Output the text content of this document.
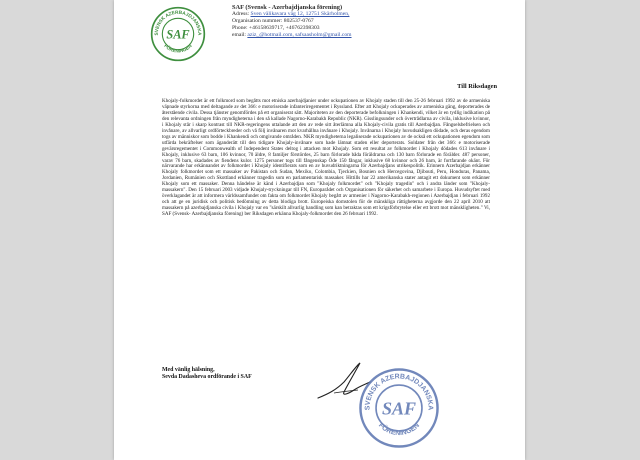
SVENSK AZERBAJDJANSKA
FÖRENINGEN
SAF
SAF (Svensk - Azerbajdjanska förening)
Adress: Sven välikavara väg 12, 12751 Skärholmen,
Organisation nummer: 802537-0767
Phone: +46158639717, +46762398303
email: aziz_@hotmail.com, safsaasholm@gmail.com
Till Riksdagen
Khojaly-folkmordet är ett folkmord som begåtts mot etniska azerbajdjanier under ockupationen av Khojaly staden till den 25-26 februari 1992 av de armeniska väpnade styrkorna med deltagande av det 366: e motoriserade infanteriregementet i Ryssland. Efter att Khojaly ockuperades av armeniska gäng, deporterades de återstående civila. Dessa tjänster genomfördes på ett organiserat sätt. Majoriteten av den deporterade befolkningen i Khankendi, vilket är en tydlig indikation på den relevanta ordningen från myndigheterna i den så kallade Nagorno-Karabakh Republic (NKR). Gisslingsunder och övertrådlarna av civila, inklusive kvinnor, i Khojaly står i skarp kontrast till NKR-regeringens uttalande att den av rede sitt återlämna alla Khojaly-civila gratis till Azerbajdjan. Fångselsbefrielsen och invånare, av allvarligt ordförteckbreder och vå följ invånaren mot kvarhållna invånare i Khojaly. Invånarna i Khojaly huvudsakligen dödade, och deras egendom togs av människor som bodde i Khankendi och omgivande områden. NKR myndigheterna legaliserade ockupationen av de också ett ockupationen egendom som utfärda bekräftelser som äganderätt till den tidigare Khojaly-invånare som hade lämnat staden eller deporterats. Soldater från det 366: e motoriserade gevärsregementet i Commonwealth of Independent States deltog i attacken mot Khojaly. Som ett resultat av folkmordet i Khojaly dödades 613 invånare i Khojaly, inklusive 63 barn, 106 kvinnor, 70 äldre, 8 familjer förstördes, 25 barn förlorade båda föräldrarna och 130 barn förlorade en förälder. 487 personer, varav 76 barn, skadades av fiendens kulor. 1275 personer togs till fångenskap Öde 150 fångar, inklusive 68 kvinnor och 26 barn, är fortfarande okänt. För närvarande har erkännandet av folkmordet i Khojaly identifierats som en av huvudriktningarna för Azerbajdjans utrikespolitik. Erinnern Azerbajdjan erkänner Khojaly folkmordet som ett massaker av Pakistan och Sudan, Mexiko, Colombia, Tjeckien, Bosnien och Hercegovina, Djibouti, Peru, Honduras, Panama, Jordanien, Rumänien och Skottland erkänner tragedin som en parlamentarisk massaker. Hittills har 22 amerikanska stater antagit ett dokument som erkänner Khojaly som ett massaker. Denna händelse är känd i Azerbajdjan som "Khojaly folkmordet" och "Khojaly tragedin" och i andra länder som "Khojaly-massakern". Den 15 februari 2003 vidjade Khojaly-tryckningar till FN, Europarådet och Organisationen för säkerhet och samarbete i Europa. Huvudsyftet med överklagandet är att informera världssamfundet om fakta om folkmordet Khojaly begått av armenier i Nagorno-Karabakh-regionen i Azerbajdjan i februari 1992 och att ge en juridisk och politisk bedömning av detta blodiga brott. Europeiska domstolen för de mänskliga rättigheterna avgjorde den 22 april 2010 att massakern på azerbajdjanska civila i Khojaly var en "särskilt allvarlig handling som kan betraktas som ett krigsförbrytelse eller ett brott mot mänskligheten." Vi, SAF (Svensk- Azerbajdjanska förening) ber Riksdagen erkänna Khojaly-folkmordet den 26 februari 1992.
Med vänlig hälsning,
Sevda Dadasheva ordförande i SAF
SVENSK AZERBAJDJANSKA
FÖRENINGEN
SAF
